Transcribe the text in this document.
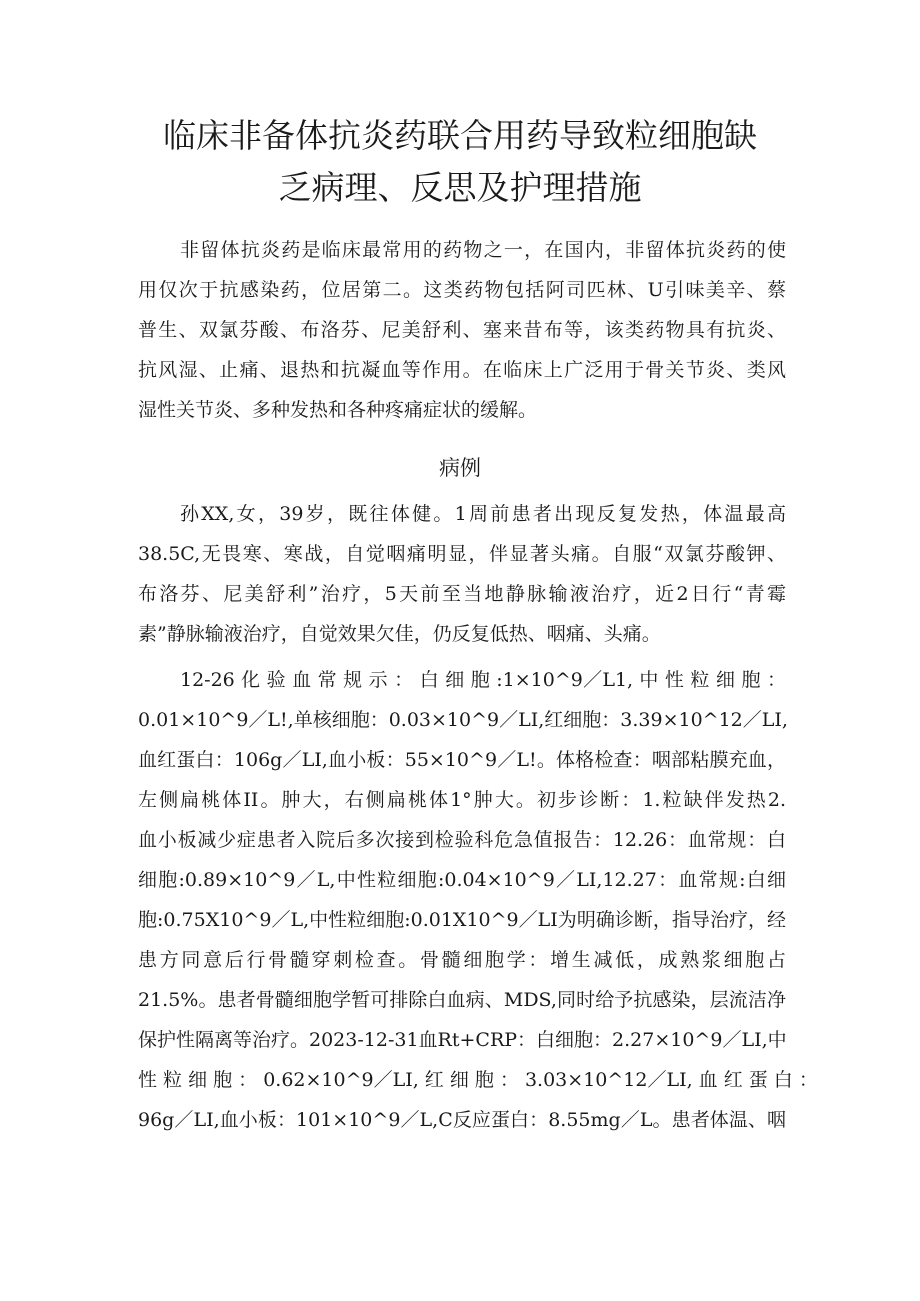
临床非备体抗炎药联合用药导致粒细胞缺
乏病理、反思及护理措施
非留体抗炎药是临床最常用的药物之一，在国内，非留体抗炎药的使
用仅次于抗感染药，位居第二。这类药物包括阿司匹林、U引味美辛、蔡
普生、双氯芬酸、布洛芬、尼美舒利、塞来昔布等，该类药物具有抗炎、
抗风湿、止痛、退热和抗凝血等作用。在临床上广泛用于骨关节炎、类风
湿性关节炎、多种发热和各种疼痛症状的缓解。
病例
孙XX,女，39岁，既往体健。1周前患者出现反复发热，体温最高
38.5C,无畏寒、寒战，自觉咽痛明显，伴显著头痛。自服“双氯芬酸钾、
布洛芬、尼美舒利”治疗，5天前至当地静脉输液治疗，近2日行“青霉
素”静脉输液治疗，自觉效果欠佳，仍反复低热、咽痛、头痛。
12-26 化 验 血 常 规 示 ： 白 细 胞 :1×10^9／L1, 中 性 粒 细 胞 ：
0.01×10^9／L!,单核细胞：0.03×10^9／LI,红细胞：3.39×10^12／LI,
血红蛋白：106g／LI,血小板：55×10^9／L!。体格检查：咽部粘膜充血，
左侧扁桃体II。肿大，右侧扁桃体1°肿大。初步诊断：1.粒缺伴发热2.
血小板减少症患者入院后多次接到检验科危急值报告：12.26：血常规：白
细胞:0.89×10^9／L,中性粒细胞:0.04×10^9／LI,12.27：血常规:白细
胞:0.75X10^9／L,中性粒细胞:0.01X10^9／LI为明确诊断，指导治疗，经
患方同意后行骨髓穿刺检查。骨髓细胞学：增生减低，成熟浆细胞占
21.5%。患者骨髓细胞学暂可排除白血病、MDS,同时给予抗感染，层流洁净
保护性隔离等治疗。2023-12-31血Rt+CRP：白细胞：2.27×10^9／LI,中
性 粒 细 胞 ： 0.62×10^9／LI, 红 细 胞 ： 3.03×10^12／LI, 血 红 蛋 白 ：
96g／LI,血小板：101×10^9／L,C反应蛋白：8.55mg／L。患者体温、咽
